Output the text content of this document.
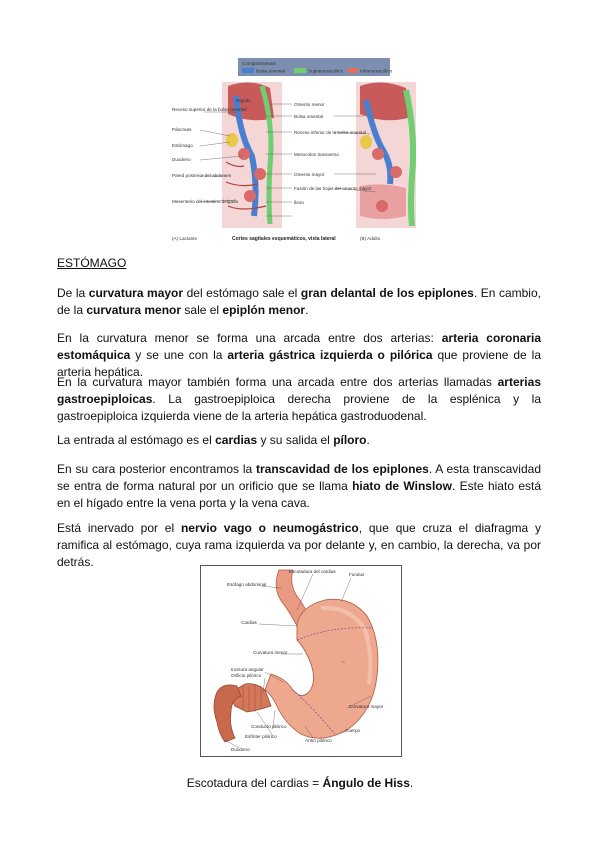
Compartimentos
Bolsa omental	Supramesocólico	Inframesocólico
Hígado
Receso superior de la bolsa omental
Páncreas
Estómago
Duodeno
Pared posterior del abdomen
Mesenterio del intestino delgado
Omento menor
Bolsa omental
Receso inferior de la bolsa omental
Mesocolon transverso
Omento mayor
Fusión de las hojas del omento mayor
Íleon
(A) Lactante	Cortes sagitales esquemáticos, vista lateral	(B) Adulto
ESTÓMAGO

De la curvatura mayor del estómago sale el gran delantal de los epiplones. En cambio, de la curvatura menor sale el epiplón menor.

En la curvatura menor se forma una arcada entre dos arterias: arteria coronaria estomáquica y se une con la arteria gástrica izquierda o pilórica que proviene de la arteria hepática.

En la curvatura mayor también forma una arcada entre dos arterias llamadas arterias gastroepiploicas. La gastroepiploica derecha proviene de la esplénica y la gastroepiploica izquierda viene de la arteria hepática gastroduodenal.

La entrada al estómago es el cardias y su salida el píloro.

En su cara posterior encontramos la transcavidad de los epiplones. A esta transcavidad se entra de forma natural por un orificio que se llama hiato de Winslow. Este hiato está en el hígado entre la vena porta y la vena cava.

Está inervado por el nervio vago o neumogástrico, que que cruza el diafragma y ramifica al estómago, cuya rama izquierda va por delante y, en cambio, la derecha, va por detrás.

Esófago abdominal
Escotadura del cardias
Fundus
Cardias
Curvatura menor
Incisura angular
Orificio pilórico
Cuerpo
Curvatura mayor
Conducto pilórico
Antro pilórico
Esfínter pilórico
Duodeno
Escotadura del cardias = Ángulo de Hiss.
